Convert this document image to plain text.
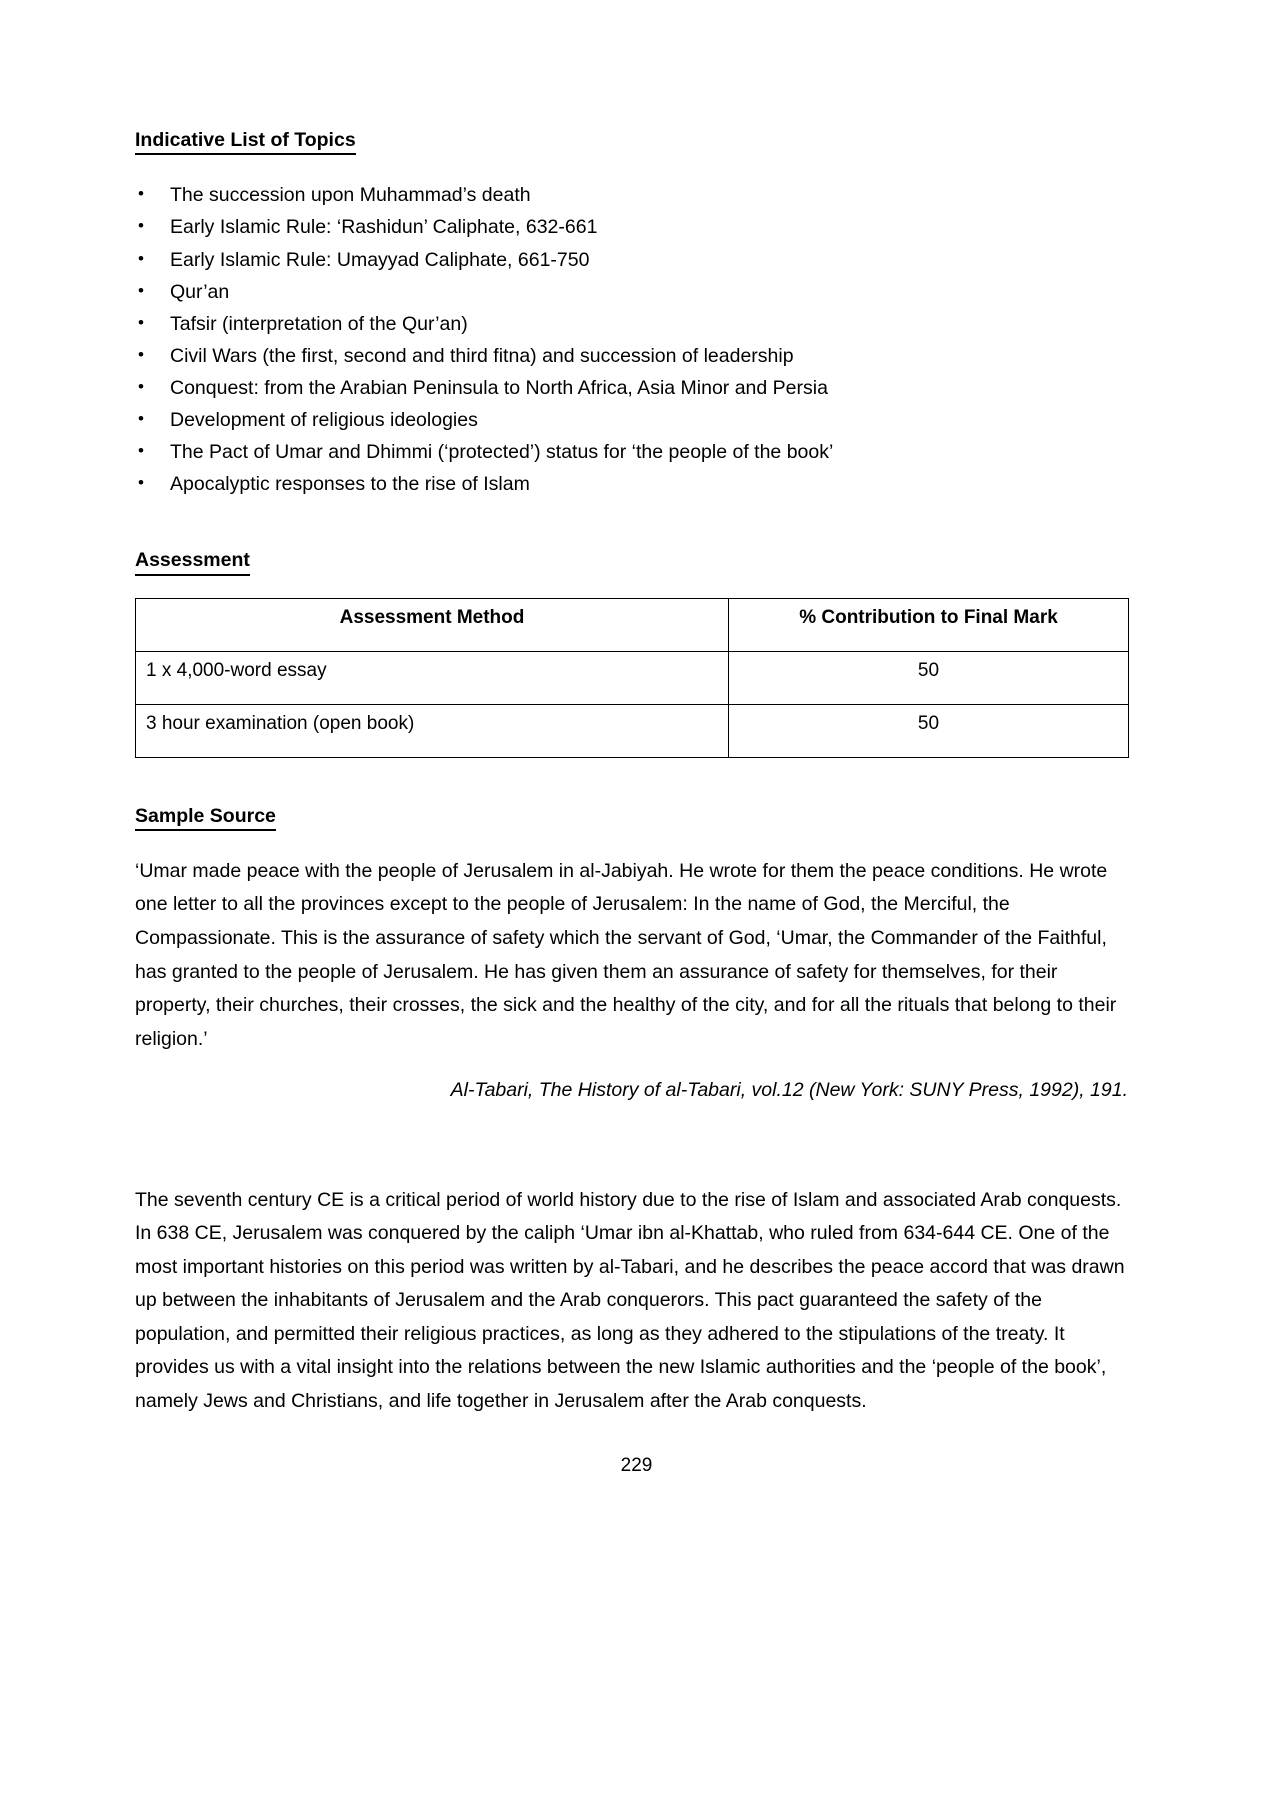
Indicative List of Topics
• The succession upon Muhammad’s death
• Early Islamic Rule: ‘Rashidun’ Caliphate, 632-661
• Early Islamic Rule: Umayyad Caliphate, 661-750
• Qur’an
• Tafsir (interpretation of the Qur’an)
• Civil Wars (the first, second and third fitna) and succession of leadership
• Conquest: from the Arabian Peninsula to North Africa, Asia Minor and Persia
• Development of religious ideologies
• The Pact of Umar and Dhimmi (‘protected’) status for ‘the people of the book’
• Apocalyptic responses to the rise of Islam
Assessment
Assessment Method	% Contribution to Final Mark
1 x 4,000-word essay	50
3 hour examination (open book)	50
Sample Source

‘Umar made peace with the people of Jerusalem in al-Jabiyah. He wrote for them the peace conditions. He wrote one letter to all the provinces except to the people of Jerusalem: In the name of God, the Merciful, the Compassionate. This is the assurance of safety which the servant of God, ‘Umar, the Commander of the Faithful, has granted to the people of Jerusalem. He has given them an assurance of safety for themselves, for their property, their churches, their crosses, the sick and the healthy of the city, and for all the rituals that belong to their religion.’

Al-Tabari, The History of al-Tabari, vol.12 (New York: SUNY Press, 1992), 191.

The seventh century CE is a critical period of world history due to the rise of Islam and associated Arab conquests. In 638 CE, Jerusalem was conquered by the caliph ‘Umar ibn al-Khattab, who ruled from 634-644 CE. One of the most important histories on this period was written by al-Tabari, and he describes the peace accord that was drawn up between the inhabitants of Jerusalem and the Arab conquerors. This pact guaranteed the safety of the population, and permitted their religious practices, as long as they adhered to the stipulations of the treaty. It provides us with a vital insight into the relations between the new Islamic authorities and the ‘people of the book’, namely Jews and Christians, and life together in Jerusalem after the Arab conquests.

229
